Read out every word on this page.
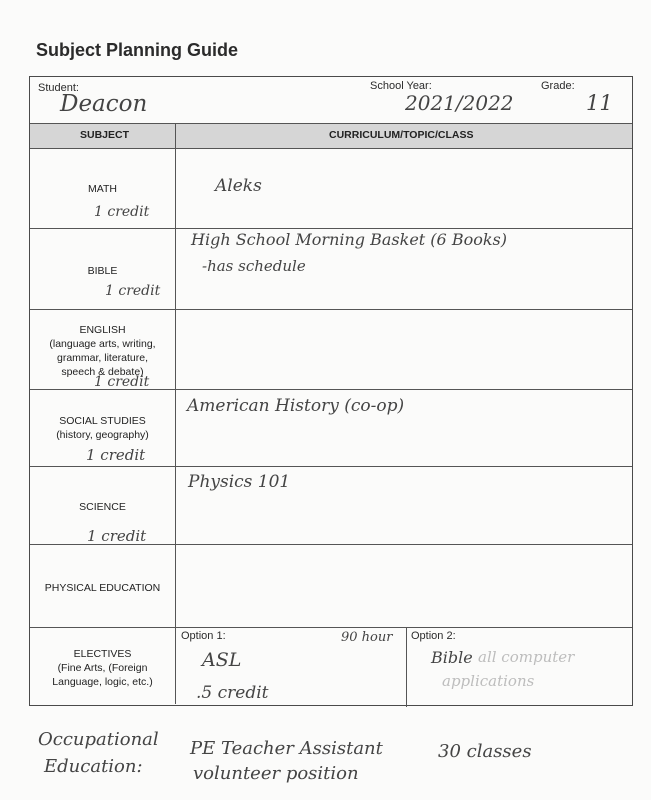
Subject Planning Guide
Student:
Deacon
School Year:
2021/2022
Grade:
11
SUBJECT	CURRICULUM/TOPIC/CLASS
MATH
1 credit
Aleks
BIBLE
1 credit
High School Morning Basket (6 Books)
-has schedule
ENGLISH
(language arts, writing,
grammar, literature,
speech & debate)
1 credit
SOCIAL STUDIES
(history, geography)
1 credit
American History (co-op)
SCIENCE
1 credit
Physics 101
PHYSICAL EDUCATION
ELECTIVES
(Fine Arts, (Foreign
Language, logic, etc.)
Option 1:	90 hour
ASL
.5 credit
Option 2:
Bible all computer
applications
Occupational
Education:
PE Teacher Assistant
volunteer position
30 classes
